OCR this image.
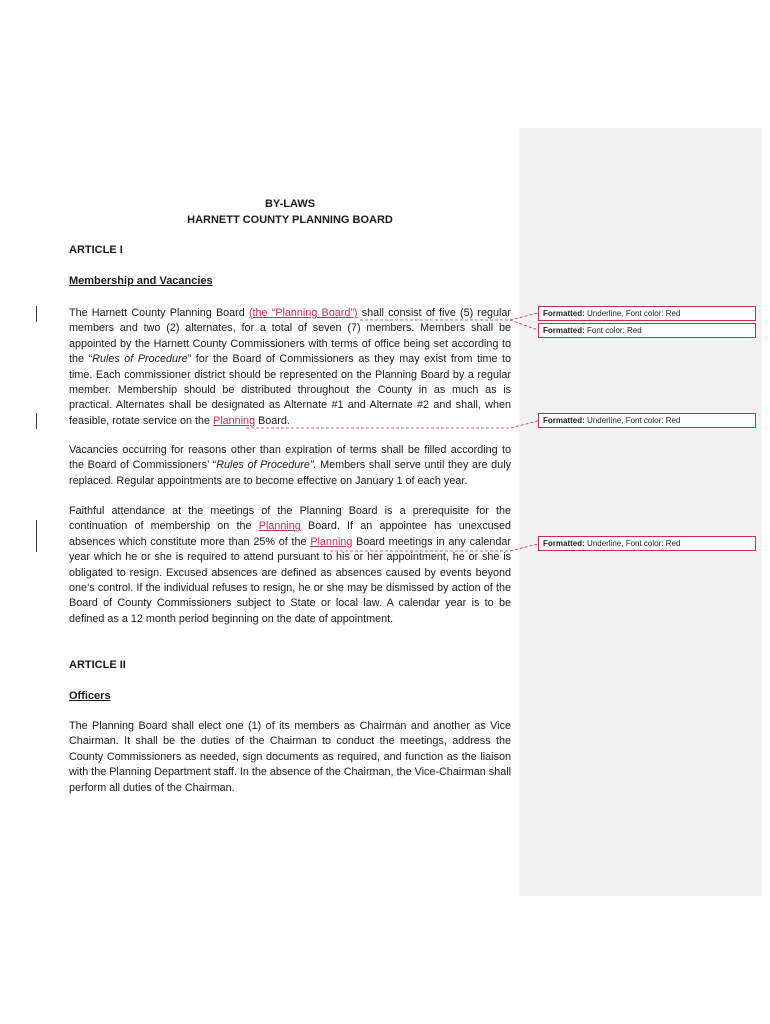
BY-LAWS
HARNETT COUNTY PLANNING BOARD
ARTICLE I
Membership and Vacancies

The Harnett County Planning Board (the “Planning Board”) shall consist of five (5) regular members and two (2) alternates, for a total of seven (7) members. Members shall be appointed by the Harnett County Commissioners with terms of office being set according to the “Rules of Procedure” for the Board of Commissioners as they may exist from time to time. Each commissioner district should be represented on the Planning Board by a regular member. Membership should be distributed throughout the County in as much as is practical. Alternates shall be designated as Alternate #1 and Alternate #2 and shall, when feasible, rotate service on the Planning Board.

Vacancies occurring for reasons other than expiration of terms shall be filled according to the Board of Commissioners’ “Rules of Procedure”. Members shall serve until they are duly replaced. Regular appointments are to become effective on January 1 of each year.

Faithful attendance at the meetings of the Planning Board is a prerequisite for the continuation of membership on the Planning Board. If an appointee has unexcused absences which constitute more than 25% of the Planning Board meetings in any calendar year which he or she is required to attend pursuant to his or her appointment, he or she is obligated to resign. Excused absences are defined as absences caused by events beyond one’s control. If the individual refuses to resign, he or she may be dismissed by action of the Board of County Commissioners subject to State or local law. A calendar year is to be defined as a 12 month period beginning on the date of appointment.

ARTICLE II
Officers

The Planning Board shall elect one (1) of its members as Chairman and another as Vice Chairman. It shall be the duties of the Chairman to conduct the meetings, address the County Commissioners as needed, sign documents as required, and function as the liaison with the Planning Department staff. In the absence of the Chairman, the Vice-Chairman shall perform all duties of the Chairman.

Formatted: Underline, Font color: Red
Formatted: Font color: Red
Formatted: Underline, Font color: Red
Formatted: Underline, Font color: Red
